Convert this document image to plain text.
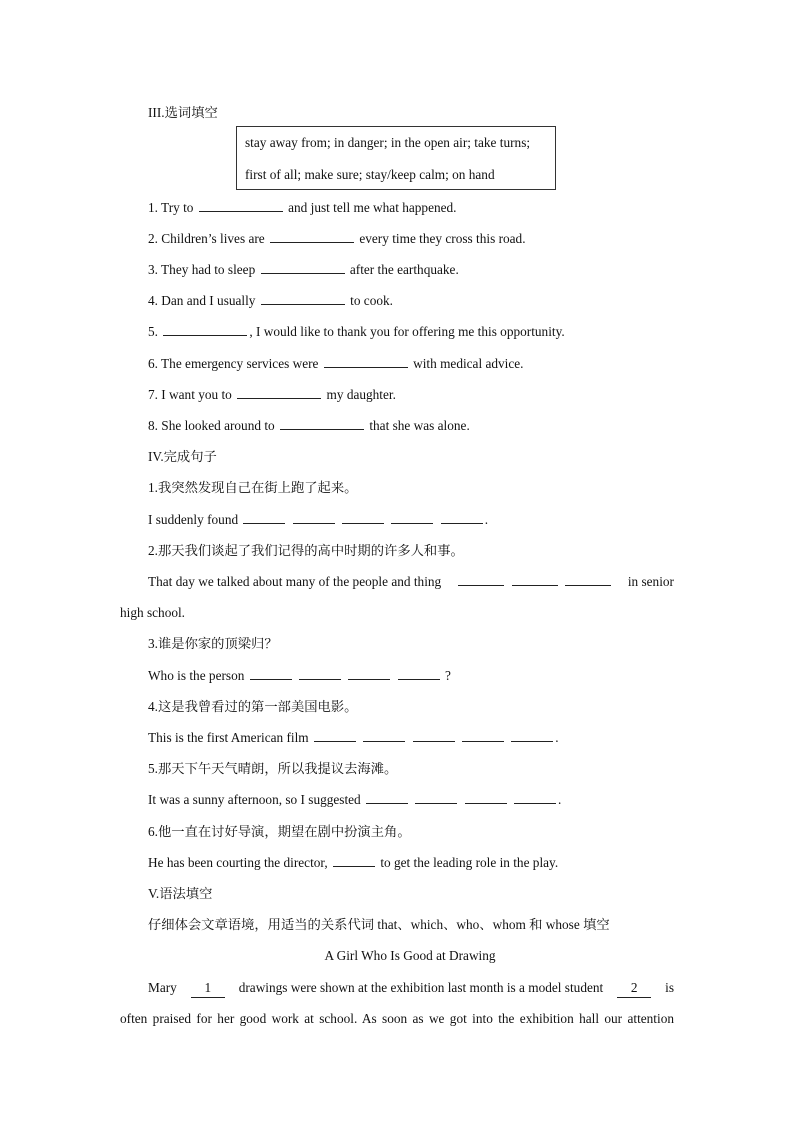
III.选词填空
stay away from; in danger; in the open air; take turns;
first of all; make sure; stay/keep calm; on hand
1. Try to	and just tell me what happened.
2. Children’s lives are	every time they cross this road.
3. They had to sleep	after the earthquake.
4. Dan and I usually	to cook.
5.	, I would like to thank you for offering me this opportunity.
6. The emergency services were	with medical advice.
7. I want you to	my daughter.
8. She looked around to	that she was alone.
IV.完成句子
1.我突然发现自己在街上跑了起来。
I suddenly found	.
2.那天我们谈起了我们记得的高中时期的许多人和事。
That day we talked about many of the people and thing
	in senior
high school.
3.谁是你家的顶梁归？
Who is the person	?
4.这是我曾看过的第一部美国电影。
This is the first American film	.
5.那天下午天气晴朗，所以我提议去海滩。
It was a sunny afternoon, so I suggested	.
6.他一直在讨好导演，期望在剧中扮演主角。
He has been courting the director,	to get the leading role in the play.
V.语法填空
仔细体会文章语境，用适当的关系代词 that、which、who、whom 和 whose 填空
A Girl Who Is Good at Drawing
Mary	1	drawings were shown at the exhibition last month is a model student	2	is
often praised for her good work at school. As soon as we got into the exhibition hall our attention
